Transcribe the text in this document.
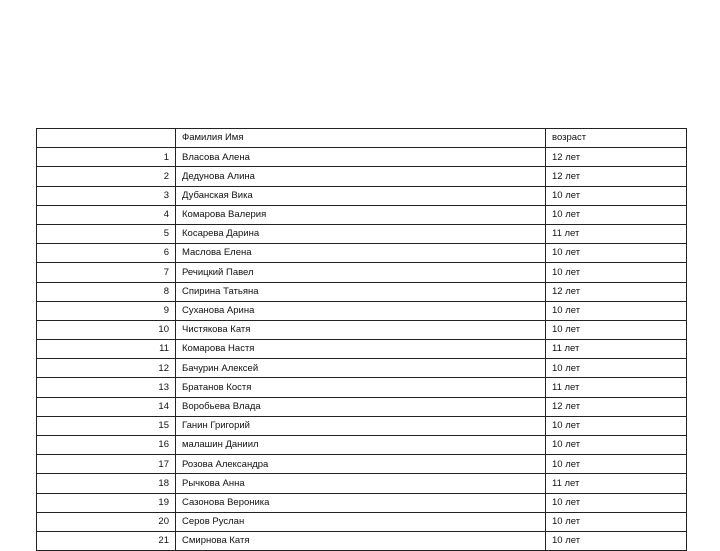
	Фамилия Имя	возраст
1	Власова Алена	12 лет
2	Дедунова Алина	12 лет
3	Дубанская Вика	10 лет
4	Комарова Валерия	10 лет
5	Косарева Дарина	11 лет
6	Маслова Елена	10 лет
7	Речицкий Павел	10 лет
8	Спирина Татьяна	12 лет
9	Суханова Арина	10 лет
10	Чистякова Катя	10 лет
11	Комарова Настя	11 лет
12	Бачурин Алексей	10 лет
13	Братанов Костя	11 лет
14	Воробьева Влада	12 лет
15	Ганин Григорий	10 лет
16	малашин Даниил	10 лет
17	Розова Александра	10 лет
18	Рычкова Анна	11 лет
19	Сазонова Вероника	10 лет
20	Серов Руслан	10 лет
21	Смирнова Катя	10 лет
